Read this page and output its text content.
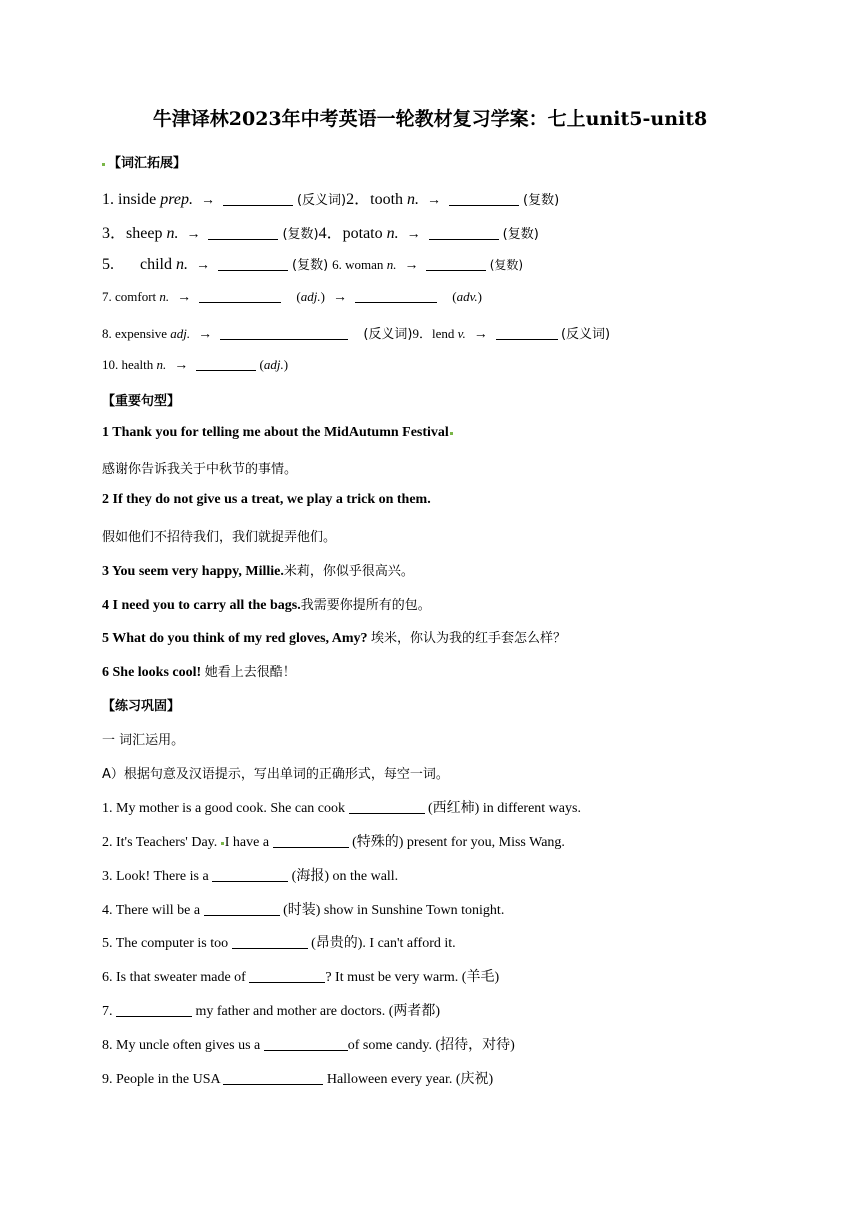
牛津译林2023年中考英语一轮教材复习学案：七上unit5-unit8
【词汇拓展】
1. inside prep. →	(反义词)2．tooth n. →	(复数)
3．sheep n. →	(复数)4．potato n. →	(复数)
5. child n. →	(复数) 6. woman n. →	(复数)
7. comfort n. →	(adj.) →	(adv.)
8. expensive adj. →	(反义词)9．lend v. →	(反义词)
10. health n. →	(adj.)
【重要句型】
1 Thank you for telling me about the MidAutumn Festival
感谢你告诉我关于中秋节的事情。
2 If they do not give us a treat, we play a trick on them.
假如他们不招待我们，我们就捉弄他们。
3 You seem very happy, Millie.米莉，你似乎很高兴。
4 I need you to carry all the bags.我需要你提所有的包。
5 What do you think of my red gloves, Amy? 埃米，你认为我的红手套怎么样？
6 She looks cool! 她看上去很酷！
【练习巩固】
一 词汇运用。
A）根据句意及汉语提示，写出单词的正确形式，每空一词。
1. My mother is a good cook. She can cook	(西红柿) in different ways.
2. It's Teachers' Day. I have a	(特殊的) present for you, Miss Wang.
3. Look! There is a	(海报) on the wall.
4. There will be a	(时装) show in Sunshine Town tonight.
5. The computer is too	(昂贵的). I can't afford it.
6. Is that sweater made of	? It must be very warm. (羊毛)
7.	my father and mother are doctors. (两者都)
8. My uncle often gives us a	of some candy. (招待，对待)
9. People in the USA	Halloween every year. (庆祝)
